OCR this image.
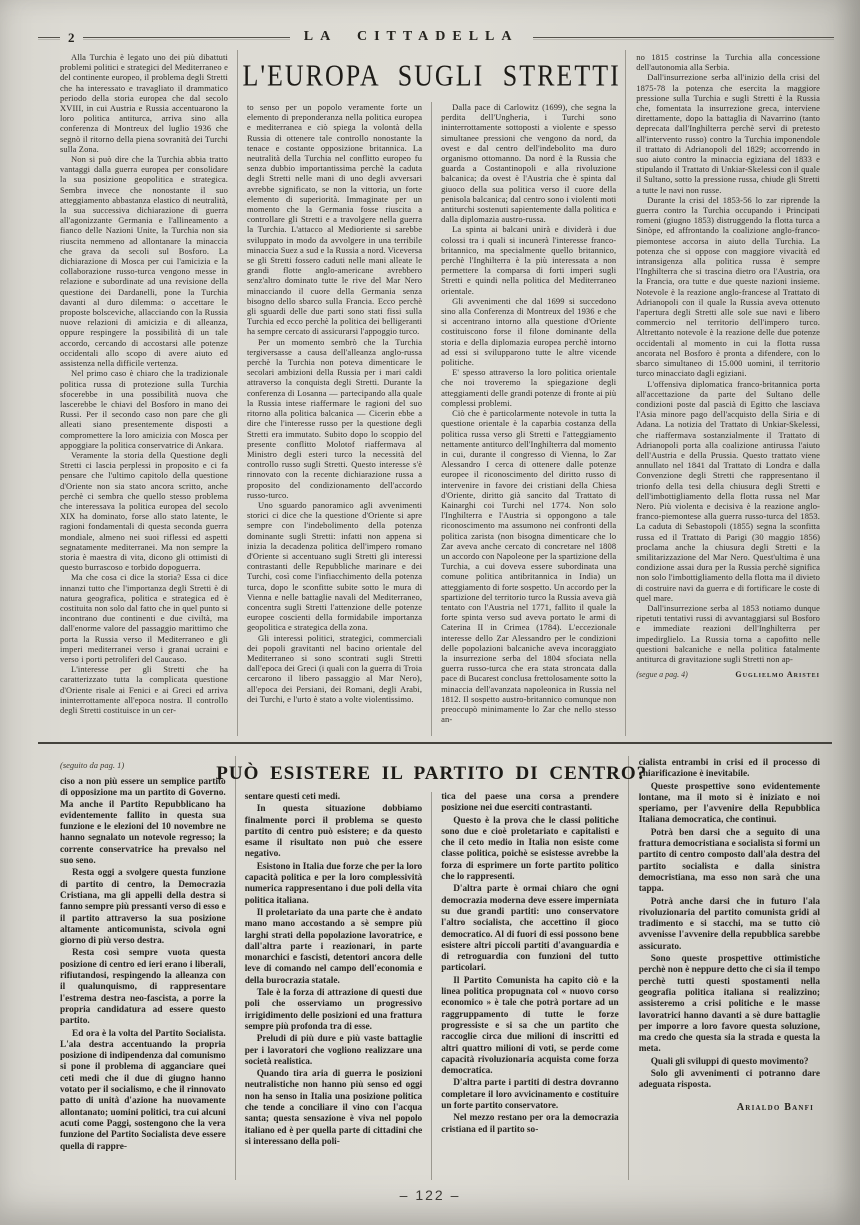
2	LA CITTADELLA

Alla Turchia è legato uno dei più dibattuti problemi politici e strategici del Mediterraneo e del continente europeo, il problema degli Stretti che ha interessato e travagliato il drammatico periodo della storia europea che dal secolo XVIII, in cui Austria e Russia accentuarono la loro politica antiturca, arriva sino alla conferenza di Montreux del luglio 1936 che segnò il ritorno della piena sovranità dei Turchi sulla Zona.

Non si può dire che la Turchia abbia tratto vantaggi dalla guerra europea per consolidare la sua posizione geopolitica e strategica. Sembra invece che nonostante il suo atteggiamento abbastanza elastico di neutralità, la sua successiva dichiarazione di guerra all'agonizzante Germania e l'allineamento a fianco delle Nazioni Unite, la Turchia non sia riuscita nemmeno ad allontanare la minaccia che grava da secoli sul Bosforo. La dichiarazione di Mosca per cui l'amicizia e la collaborazione russo-turca vengono messe in relazione e subordinate ad una revisione della questione dei Dardanelli, pone la Turchia davanti al duro dilemma: o accettare le proposte bolsceviche, allacciando con la Russia nuove relazioni di amicizia e di alleanza, oppure respingere la possibilità di un tale accordo, cercando di accostarsi alle potenze occidentali allo scopo di avere aiuto ed assistenza nella difficile vertenza.

Nel primo caso è chiaro che la tradizionale politica russa di protezione sulla Turchia sfocerebbe in una possibilità nuova che lascerebbe le chiavi del Bosforo in mano dei Russi. Per il secondo caso non pare che gli alleati siano presentemente disposti a compromettere la loro amicizia con Mosca per appoggiare la politica conservatrice di Ankara.

Veramente la storia della Questione degli Stretti ci lascia perplessi in proposito e ci fa pensare che l'ultimo capitolo della questione d'Oriente non sia stato ancora scritto, anche perchè ci sembra che quello stesso problema che interessava la politica europea del secolo XIX ha dominato, forse allo stato latente, le ragioni fondamentali di questa seconda guerra mondiale, almeno nei suoi riflessi ed aspetti segnatamente mediterranei. Ma non sempre la storia è maestra di vita, dicono gli ottimisti di questo burrascoso e torbido dopoguerra.

Ma che cosa ci dice la storia? Essa ci dice innanzi tutto che l'importanza degli Stretti è di natura geografica, politica e strategica ed è costituita non solo dal fatto che in quel punto si incontrano due continenti e due civiltà, ma dall'enorme valore del passaggio marittimo che porta la Russia verso il Mediterraneo e gli imperi mediterranei verso i granai ucraini e verso i porti petroliferi del Caucaso.

L'interesse per gli Stretti che ha caratterizzato tutta la complicata questione d'Oriente risale ai Fenici e ai Greci ed arriva ininterrottamente all'epoca nostra. Il controllo degli Stretti costituisce in un cer-

L'EUROPA SUGLI STRETTI

to senso per un popolo veramente forte un elemento di preponderanza nella politica europea e mediterranea e ciò spiega la volontà della Russia di ottenere tale controllo nonostante la tenace e costante opposizione britannica. La neutralità della Turchia nel conflitto europeo fu senza dubbio importantissima perchè la caduta degli Stretti nelle mani di uno degli avversari avrebbe significato, se non la vittoria, un forte elemento di superiorità. Immaginate per un momento che la Germania fosse riuscita a controllare gli Stretti e a travolgere nella guerra la Turchia. L'attacco al Medioriente si sarebbe sviluppato in modo da avvolgere in una terribile minaccia Suez a sud e la Russia a nord. Viceversa se gli Stretti fossero caduti nelle mani alleate le grandi flotte anglo-americane avrebbero senz'altro dominato tutte le rive del Mar Nero minacciando il cuore della Germania senza bisogno dello sbarco sulla Francia. Ecco perchè gli sguardi delle due parti sono stati fissi sulla Turchia ed ecco perchè la politica dei belligeranti ha sempre cercato di assicurarsi l'appoggio turco.

Per un momento sembrò che la Turchia tergiversasse a causa dell'alleanza anglo-russa perchè la Turchia non poteva dimenticare le secolari ambizioni della Russia per i mari caldi attraverso la conquista degli Stretti. Durante la conferenza di Losanna — partecipando alla quale la Russia intese riaffermare le ragioni del suo ritorno alla politica balcanica — Cicerin ebbe a dire che l'interesse russo per la questione degli Stretti era immutato. Subito dopo lo scoppio del presente conflitto Molotof riaffermava al Ministro degli esteri turco la necessità del controllo russo sugli Stretti. Questo interesse s'è rinnovato con la recente dichiarazione russa a proposito del condizionamento dell'accordo russo-turco.

Uno sguardo panoramico agli avvenimenti storici ci dice che la questione d'Oriente si apre sempre con l'indebolimento della potenza dominante sugli Stretti: infatti non appena si inizia la decadenza politica dell'impero romano d'Oriente si accentuano sugli Stretti gli interessi contrastanti delle Repubbliche marinare e dei Turchi, così come l'infiacchimento della potenza turca, dopo le sconfitte subite sotto le mura di Vienna e nelle battaglie navali del Mediterraneo, concentra sugli Stretti l'attenzione delle potenze europee coscienti della formidabile importanza geopolitica e strategica della zona.

Gli interessi politici, strategici, commerciali dei popoli gravitanti nel bacino orientale del Mediterraneo si sono scontrati sugli Stretti dall'epoca dei Greci (i quali con la guerra di Troia cercarono il libero passaggio al Mar Nero), all'epoca dei Persiani, dei Romani, degli Arabi, dei Turchi, e l'urto è stato a volte violentissimo.

Dalla pace di Carlowitz (1699), che segna la perdita dell'Ungheria, i Turchi sono ininterrottamente sottoposti a violente e spesso simultanee pressioni che vengono da nord, da ovest e dal centro dell'indebolito ma duro organismo ottomanno. Da nord è la Russia che guarda a Costantinopoli e alla rivoluzione balcanica; da ovest è l'Austria che è spinta dal giuoco della sua politica verso il cuore della penisola balcanica; dal centro sono i violenti moti antiturchi sostenuti sapientemente dalla politica e dalla diplomazia austro-russa.

La spinta ai balcani unirà e dividerà i due colossi tra i quali si incunerà l'interesse franco-britannico, ma specialmente quello britannico, perchè l'Inghilterra è la più interessata a non permettere la comparsa di forti imperi sugli Stretti e quindi nella politica del Mediterraneo orientale.

Gli avvenimenti che dal 1699 si succedono sino alla Conferenza di Montreux del 1936 e che si accentrano intorno alla questione d'Oriente costituiscono forse il filone dominante della storia e della diplomazia europea perchè intorno ad essi si svilupparono tutte le altre vicende politiche.

E' spesso attraverso la loro politica orientale che noi troveremo la spiegazione degli atteggiamenti delle grandi potenze di fronte ai più complessi problemi.

Ciò che è particolarmente notevole in tutta la questione orientale è la caparbia costanza della politica russa verso gli Stretti e l'atteggiamento nettamente antiturco dell'Inghilterra dal momento in cui, durante il congresso di Vienna, lo Zar Alessandro I cerca di ottenere dalle potenze europee il riconoscimento del diritto russo di intervenire in favore dei cristiani della Chiesa d'Oriente, diritto già sancito dal Trattato di Kainarghi coi Turchi nel 1774. Non solo l'Inghilterra e l'Austria si oppongono a tale riconoscimento ma assumono nei confronti della politica zarista (non bisogna dimenticare che lo Zar aveva anche cercato di concretare nel 1808 un accordo con Napoleone per la spartizione della Turchia, a cui doveva essere subordinata una comune politica antibritannica in India) un atteggiamento di forte sospetto. Un accordo per la spartizione del territorio turco la Russia aveva già tentato con l'Austria nel 1771, fallito il quale la forte spinta verso sud aveva portato le armi di Caterina II in Crimea (1784). L'eccezionale interesse dello Zar Alessandro per le condizioni delle popolazioni balcaniche aveva incoraggiato la insurrezione serba del 1804 sfociata nella guerra russo-turca che era stata stroncata dalla pace di Bucarest conclusa frettolosamente sotto la minaccia dell'avanzata napoleonica in Russia nel 1812. Il sospetto austro-britannico comunque non preoccupò minimamente lo Zar che nello stesso an-

no 1815 costrinse la Turchia alla concessione dell'autonomia alla Serbia.

Dall'insurrezione serba all'inizio della crisi del 1875-78 la potenza che esercita la maggiore pressione sulla Turchia e sugli Stretti è la Russia che, fomentata la insurrezione greca, interviene direttamente, dopo la battaglia di Navarrino (tanto deprecata dall'Inghilterra perchè servì di pretesto all'intervento russo) contro la Turchia imponendole il trattato di Adrianopoli del 1829; accorrendo in suo aiuto contro la minaccia egiziana del 1833 e stipulando il Trattato di Unkiar-Skelessi con il quale il Sultano, sotto la pressione russa, chiude gli Stretti a tutte le navi non russe.

Durante la crisi del 1853-56 lo zar riprende la guerra contro la Turchia occupando i Principati romeni (giugno 1853) distruggendo la flotta turca a Sinòpe, ed affrontando la coalizione anglo-franco-piemontese accorsa in aiuto della Turchia. La potenza che si oppose con maggiore vivacità ed intransigenza alla politica russa è sempre l'Inghilterra che si trascina dietro ora l'Austria, ora la Francia, ora tutte e due queste nazioni insieme. Notevole è la reazione anglo-francese al Trattato di Adrianopoli con il quale la Russia aveva ottenuto l'apertura degli Stretti alle sole sue navi e libero commercio nel territorio dell'impero turco. Altrettanto notevole è la reazione delle due potenze occidentali al momento in cui la flotta russa ancorata nel Bosforo è pronta a difendere, con lo sbarco simultaneo di 15.000 uomini, il territorio turco minacciato dagli egiziani.

L'offensiva diplomatica franco-britannica porta all'accettazione da parte del Sultano delle condizioni poste dal pascià di Egitto che lasciava l'Asia minore pago dell'acquisto della Siria e di Adana. La notizia del Trattato di Unkiar-Skelessi, che riaffermava sostanzialmente il Trattato di Adrianopoli porta alla coalizione antirussa l'aiuto dell'Austria e della Prussia. Questo trattato viene annullato nel 1841 dal Trattato di Londra e dalla Convenzione degli Stretti che rappresentano il trionfo della tesi della chiusura degli Stretti e dell'imbottigliamento della flotta russa nel Mar Nero. Più violenta e decisiva è la reazione anglo-franco-piemontese alla guerra russo-turca del 1853. La caduta di Sebastopoli (1855) segna la sconfitta russa ed il Trattato di Parigi (30 maggio 1856) proclama anche la chiusura degli Stretti e la smilitarizzazione del Mar Nero. Quest'ultima è una condizione assai dura per la Russia perchè significa non solo l'imbottigliamento della flotta ma il divieto di costruire navi da guerra e di fortificare le coste di quel mare.

Dall'insurrezione serba al 1853 notiamo dunque ripetuti tentativi russi di avvantaggiarsi sul Bosforo e immediate reazioni dell'Inghilterra per impedirglielo. La Russia torna a capofitto nelle questioni balcaniche e nella politica fatalmente antiturca di gravitazione sugli Stretti non ap-

(segue a pag. 4)	Guglielmo Aristei
(seguito da pag. 1)

ciso a non più essere un semplice partito di opposizione ma un partito di Governo. Ma anche il Partito Repubblicano ha evidentemente fallito in questa sua funzione e le elezioni del 10 novembre ne hanno segnalato un notevole regresso; la corrente conservatrice ha prevalso nel suo seno.

Resta oggi a svolgere questa funzione di partito di centro, la Democrazia Cristiana, ma gli appelli della destra si fanno sempre più pressanti verso di esso e il partito attraverso la sua posizione altamente anticomunista, scivola ogni giorno di più verso destra.

Resta così sempre vuota questa posizione di centro ed ieri erano i liberali, rifiutandosi, respingendo la alleanza con il qualunquismo, di rappresentare l'estrema destra neo-fascista, a porre la propria candidatura ad essere questo partito.

Ed ora è la volta del Partito Socialista. L'ala destra accentuando la propria posizione di indipendenza dal comunismo si pone il problema di agganciare quei ceti medi che il due di giugno hanno votato per il socialismo, e che il rinnovato patto di unità d'azione ha nuovamente allontanato; uomini politici, tra cui alcuni acuti come Paggi, sostengono che la vera funzione del Partito Socialista deve essere quella di rappre-

PUÒ ESISTERE IL PARTITO DI CENTRO?

sentare questi ceti medi.

In questa situazione dobbiamo finalmente porci il problema se questo partito di centro può esistere; e da questo esame il risultato non può che essere negativo.

Esistono in Italia due forze che per la loro capacità politica e per la loro complessività numerica rappresentano i due poli della vita politica italiana.

Il proletariato da una parte che è andato mano mano accostando a sè sempre più larghi strati della popolazione lavoratrice, e dall'altra parte i reazionari, in parte monarchici e fascisti, detentori ancora delle leve di comando nel campo dell'economia e della burocrazia statale.

Tale è la forza di attrazione di questi due poli che osserviamo un progressivo irrigidimento delle posizioni ed una frattura sempre più profonda tra di esse.

Preludi di più dure e più vaste battaglie per i lavoratori che vogliono realizzare una società realistica.

Quando tira aria di guerra le posizioni neutralistiche non hanno più senso ed oggi non ha senso in Italia una posizione politica che tende a conciliare il vino con l'acqua santa; questa sensazione è viva nel popolo italiano ed è per quella parte di cittadini che si interessano della poli-

tica del paese una corsa a prendere posizione nei due eserciti contrastanti.

Questo è la prova che le classi politiche sono due e cioè proletariato e capitalisti e che il ceto medio in Italia non esiste come classe politica, poichè se esistesse avrebbe la forza di esprimere un forte partito politico che lo rappresenti.

D'altra parte è ormai chiaro che ogni democrazia moderna deve essere imperniata su due grandi partiti: uno conservatore l'altro socialista, che accettino il gioco democratico. Al di fuori di essi possono bene esistere altri piccoli partiti d'avanguardia e di retroguardia con funzioni del tutto particolari.

Il Partito Comunista ha capito ciò e la linea politica propugnata col « nuovo corso economico » è tale che potrà portare ad un raggruppamento di tutte le forze progressiste e si sa che un partito che raccoglie circa due milioni di inscritti ed altri quattro milioni di voti, se perde come capacità rivoluzionaria acquista come forza democratica.

D'altra parte i partiti di destra dovranno completare il loro avvicinamento e costituire un forte partito conservatore.

Nel mezzo restano per ora la democrazia cristiana ed il partito so-

cialista entrambi in crisi ed il processo di chiarificazione è inevitabile.

Queste prospettive sono evidentemente lontane, ma il moto si è iniziato e noi speriamo, per l'avvenire della Repubblica Italiana democratica, che continui.

Potrà ben darsi che a seguito di una frattura democristiana e socialista si formi un partito di centro composto dall'ala destra del partito socialista e dalla sinistra democristiana, ma esso non sarà che una tappa.

Potrà anche darsi che in futuro l'ala rivoluzionaria del partito comunista gridi al tradimento e si stacchi, ma se tutto ciò avvenisse l'avvenire della repubblica sarebbe assicurato.

Sono queste prospettive ottimistiche perchè non è neppure detto che ci sia il tempo perchè tutti questi spostamenti nella geografia politica italiana si realizzino; assisteremo a crisi politiche e le masse lavoratrici hanno davanti a sè dure battaglie per imporre a loro favore questa soluzione, ma credo che questa sia la strada e questa la meta.

Quali gli sviluppi di questo movimento?

Solo gli avvenimenti ci potranno dare adeguata risposta.

Arialdo Banfi
– 122 –
